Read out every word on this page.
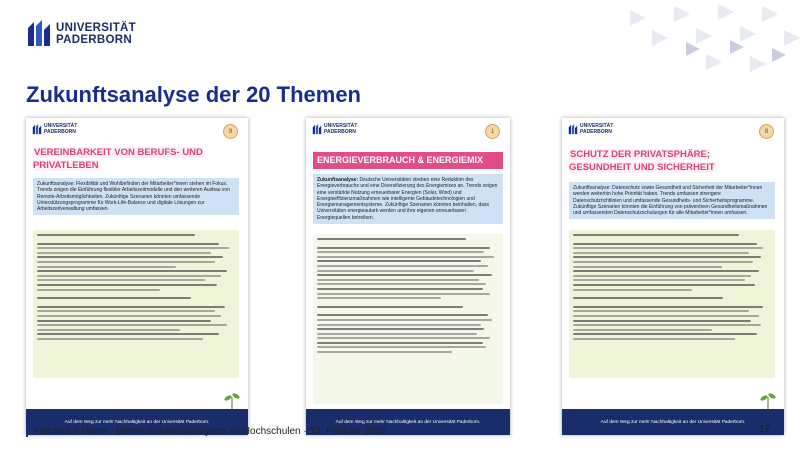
UNIVERSITÄT
PADERBORN
Zukunftsanalyse der 20 Themen
UNIVERSITÄT
PADERBORN	9
VEREINBARKEIT VON BERUFS- UND PRIVATLEBEN
Zukunftsanalyse: Flexibilität und Wohlbefinden der Mitarbeiter*innen stehen im Fokus. Trends zeigen die Einführung flexibler Arbeitszeitmodelle und den weiteren Ausbau von Remote-Arbeitsmöglichkeiten. Zukünftige Szenarien könnten umfassende Unterstützungsprogramme für Work-Life-Balance und digitale Lösungen zur Arbeitszeitverwaltung umfassen.
Auf dem Weg zur mehr Nachhaltigkeit an der Universität Paderborn.
UNIVERSITÄT
PADERBORN	1
ENERGIEVERBRAUCH & ENERGIEMIX
Zukunftsanalyse: Deutsche Universitäten streben eine Reduktion des Energieverbrauchs und eine Diversifizierung des Energiemixes an. Trends zeigen eine verstärkte Nutzung erneuerbarer Energien (Solar, Wind) und Energieeffizienzmaßnahmen wie intelligente Gebäudetechnologien und Energiemanagementsysteme. Zukünftige Szenarien könnten beinhalten, dass Universitäten energieautark werden und ihre eigenen erneuerbaren Energiequellen betreiben.
Auf dem Weg zur mehr Nachhaltigkeit an der Universität Paderborn.
UNIVERSITÄT
PADERBORN	8
SCHUTZ DER PRIVATSPHÄRE; GESUNDHEIT UND SICHERHEIT
Zukunftsanalyse: Datenschutz sowie Gesundheit und Sicherheit der Mitarbeiter*innen werden weiterhin hohe Priorität haben. Trends umfassen strengere Datenschutzrichtlinien und umfassende Gesundheits- und Sicherheitsprogramme. Zukünftige Szenarien könnten die Einführung von präventiven Gesundheitsmaßnahmen und umfassenden Datenschutzschulungen für alle Mitarbeiter*innen umfassen.
Auf dem Weg zur mehr Nachhaltigkeit an der Universität Paderborn.
Friederike Haver · Wesentlichkeitsanalysen an Hochschulen · 13. Februar 2025	17
